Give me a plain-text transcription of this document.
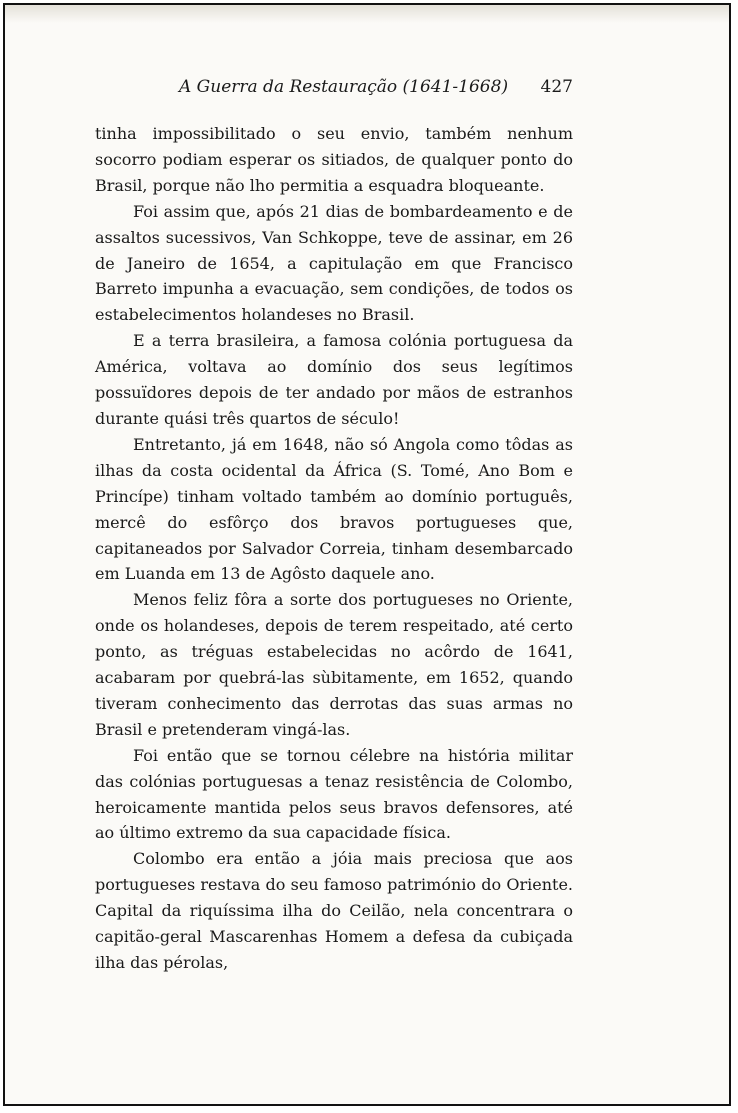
A Guerra da Restauração (1641-1668) 427

tinha impossibilitado o seu envio, também nenhum socorro podiam esperar os sitiados, de qualquer ponto do Brasil, porque não lho permitia a esquadra bloqueante.

Foi assim que, após 21 dias de bombardeamento e de assaltos sucessivos, Van Schkoppe, teve de assinar, em 26 de Janeiro de 1654, a capitulação em que Francisco Barreto impunha a evacuação, sem condições, de todos os estabelecimentos holandeses no Brasil.

E a terra brasileira, a famosa colónia portuguesa da América, voltava ao domínio dos seus legítimos possuïdores depois de ter andado por mãos de estranhos durante quási três quartos de século!

Entretanto, já em 1648, não só Angola como tôdas as ilhas da costa ocidental da África (S. Tomé, Ano Bom e Princípe) tinham voltado também ao domínio português, mercê do esfôrço dos bravos portugueses que, capitaneados por Salvador Correia, tinham desembarcado em Luanda em 13 de Agôsto daquele ano.

Menos feliz fôra a sorte dos portugueses no Oriente, onde os holandeses, depois de terem respeitado, até certo ponto, as tréguas estabelecidas no acôrdo de 1641, acabaram por quebrá-las sùbitamente, em 1652, quando tiveram conhecimento das derrotas das suas armas no Brasil e pretenderam vingá-las.

Foi então que se tornou célebre na história militar das colónias portuguesas a tenaz resistência de Colombo, heroicamente mantida pelos seus bravos defensores, até ao último extremo da sua capacidade física.

Colombo era então a jóia mais preciosa que aos portugueses restava do seu famoso património do Oriente. Capital da riquíssima ilha do Ceilão, nela concentrara o capitão-geral Mascarenhas Homem a defesa da cubiçada ilha das pérolas,
